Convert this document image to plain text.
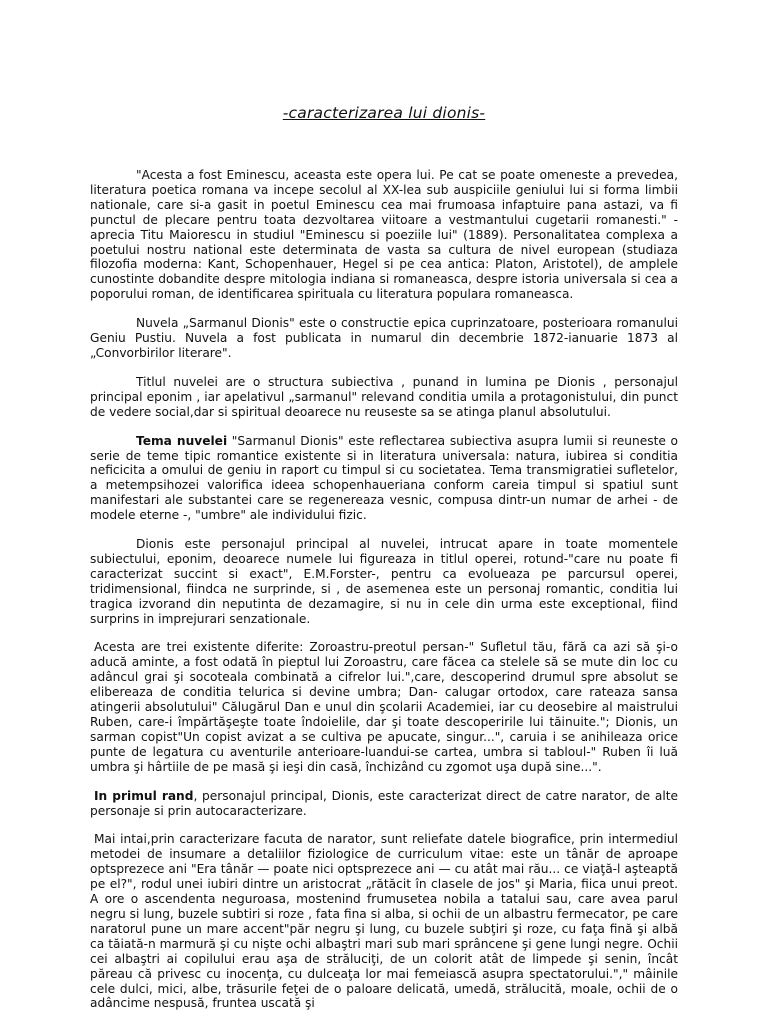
-caracterizarea lui dionis-

"Acesta a fost Eminescu, aceasta este opera lui. Pe cat se poate omeneste a prevedea, literatura poetica romana va incepe secolul al XX-lea sub auspiciile geniului lui si forma limbii nationale, care si-a gasit in poetul Eminescu cea mai frumoasa infaptuire pana astazi, va fi punctul de plecare pentru toata dezvoltarea viitoare a vestmantului cugetarii romanesti." - aprecia Titu Maiorescu in studiul "Eminescu si poeziile lui" (1889). Personalitatea complexa a poetului nostru national este determinata de vasta sa cultura de nivel european (studiaza filozofia moderna: Kant, Schopenhauer, Hegel si pe cea antica: Platon, Aristotel), de amplele cunostinte dobandite despre mitologia indiana si romaneasca, despre istoria universala si cea a poporului roman, de identificarea spirituala cu literatura populara romaneasca.

Nuvela „Sarmanul Dionis" este o constructie epica cuprinzatoare, posterioara romanului Geniu Pustiu. Nuvela a fost publicata in numarul din decembrie 1872-ianuarie 1873 al „Convorbirilor literare".

Titlul nuvelei are o structura subiectiva , punand in lumina pe Dionis , personajul principal eponim , iar apelativul „sarmanul" relevand conditia umila a protagonistului, din punct de vedere social,dar si spiritual deoarece nu reuseste sa se atinga planul absolutului.

Tema nuvelei "Sarmanul Dionis" este reflectarea subiectiva asupra lumii si reuneste o serie de teme tipic romantice existente si in literatura universala: natura, iubirea si conditia neficicita a omului de geniu in raport cu timpul si cu societatea. Tema transmigratiei sufletelor, a metempsihozei valorifica ideea schopenhaueriana conform careia timpul si spatiul sunt manifestari ale substantei care se regenereaza vesnic, compusa dintr-un numar de arhei - de modele eterne -, "umbre" ale individului fizic.

Dionis este personajul principal al nuvelei, intrucat apare in toate momentele subiectului, eponim, deoarece numele lui figureaza in titlul operei, rotund-"care nu poate fi caracterizat succint si exact", E.M.Forster-, pentru ca evolueaza pe parcursul operei, tridimensional, fiindca ne surprinde, si , de asemenea este un personaj romantic, conditia lui tragica izvorand din neputinta de dezamagire, si nu in cele din urma este exceptional, fiind surprins in imprejurari senzationale.

Acesta are trei existente diferite: Zoroastru-preotul persan-" Sufletul tău, fără ca azi să şi-o aducă aminte, a fost odată în pieptul lui Zoroastru, care făcea ca stelele să se mute din loc cu adâncul grai şi socoteala combinată a cifrelor lui.",care, descoperind drumul spre absolut se elibereaza de conditia telurica si devine umbra; Dan- calugar ortodox, care rateaza sansa atingerii absolutului" Călugărul Dan e unul din şcolarii Academiei, iar cu deosebire al maistrului Ruben, care-i împărtăşeşte toate îndoielile, dar şi toate descoperirile lui tăinuite."; Dionis, un sarman copist"Un copist avizat a se cultiva pe apucate, singur...", caruia i se anihileaza orice punte de legatura cu aventurile anterioare-luandui-se cartea, umbra si tabloul-" Ruben îi luă umbra şi hârtiile de pe masă şi ieşi din casă, închizând cu zgomot uşa după sine...".

In primul rand, personajul principal, Dionis, este caracterizat direct de catre narator, de alte personaje si prin autocaracterizare.

Mai intai,prin caracterizare facuta de narator, sunt reliefate datele biografice, prin intermediul metodei de insumare a detaliilor fiziologice de curriculum vitae: este un tânăr de aproape optsprezece ani "Era tânăr — poate nici optsprezece ani — cu atât mai rău... ce viaţă-l aşteaptă pe el?", rodul unei iubiri dintre un aristocrat „rătăcit în clasele de jos" şi Maria, fiica unui preot. A ore o ascendenta neguroasa, mostenind frumusetea nobila a tatalui sau, care avea parul negru si lung, buzele subtiri si roze , fata fina si alba, si ochii de un albastru fermecator, pe care naratorul pune un mare accent"păr negru şi lung, cu buzele subţiri şi roze, cu faţa fină şi albă ca tăiată-n marmură şi cu nişte ochi albaştri mari sub mari sprâncene şi gene lungi negre. Ochii cei albaştri ai copilului erau aşa de străluciţi, de un colorit atât de limpede şi senin, încât păreau că privesc cu inocenţa, cu dulceaţa lor mai femeiască asupra spectatorului."," mâinile cele dulci, mici, albe, trăsurile feţei de o paloare delicată, umedă, strălucită, moale, ochii de o adâncime nespusă, fruntea uscată şi
